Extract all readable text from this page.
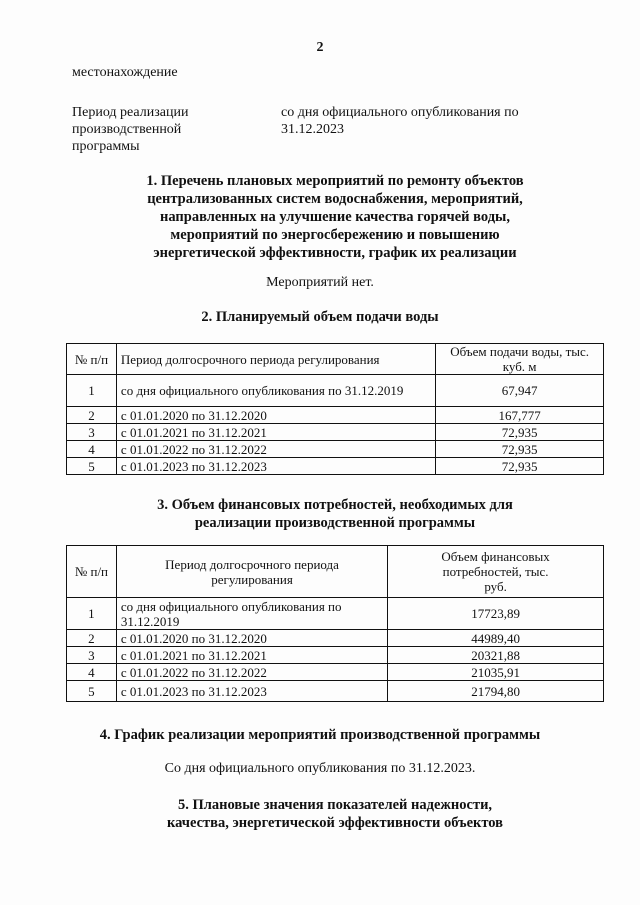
2
местонахождение
Период реализации производственной программы
со дня официального опубликования по 31.12.2023
1. Перечень плановых мероприятий по ремонту объектов централизованных систем водоснабжения, мероприятий, направленных на улучшение качества горячей воды, мероприятий по энергосбережению и повышению энергетической эффективности, график их реализации
Мероприятий нет.
2. Планируемый объем подачи воды
№ п/п	Период долгосрочного периода регулирования	Объем подачи воды, тыс. куб. м
1	со дня официального опубликования по 31.12.2019	67,947
2	с 01.01.2020 по 31.12.2020	167,777
3	с 01.01.2021 по 31.12.2021	72,935
4	с 01.01.2022 по 31.12.2022	72,935
5	с 01.01.2023 по 31.12.2023	72,935
3. Объем финансовых потребностей, необходимых для реализации производственной программы
№ п/п	Период долгосрочного периода регулирования	Объем финансовых потребностей, тыс. руб.
1	со дня официального опубликования по 31.12.2019	17723,89
2	с 01.01.2020 по 31.12.2020	44989,40
3	с 01.01.2021 по 31.12.2021	20321,88
4	с 01.01.2022 по 31.12.2022	21035,91
5	с 01.01.2023 по 31.12.2023	21794,80
4. График реализации мероприятий производственной программы
Со дня официального опубликования по 31.12.2023.
5. Плановые значения показателей надежности, качества, энергетической эффективности объектов
